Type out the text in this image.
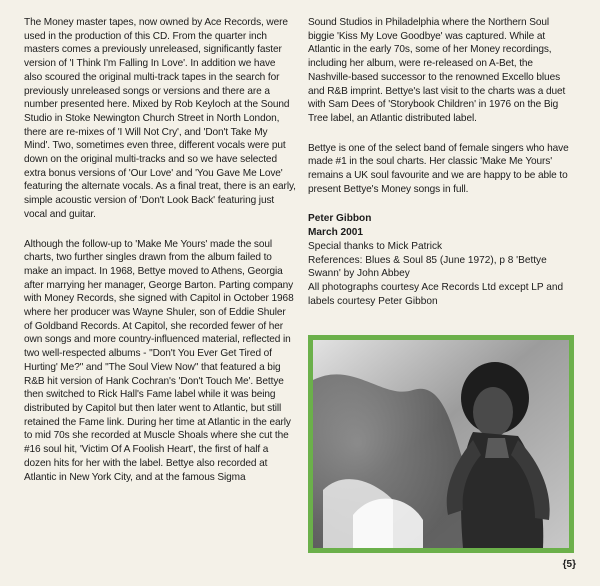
The Money master tapes, now owned by Ace Records, were used in the production of this CD. From the quarter inch masters comes a previously unreleased, significantly faster version of 'I Think I'm Falling In Love'. In addition we have also scoured the original multi-track tapes in the search for previously unreleased songs or versions and there are a number presented here. Mixed by Rob Keyloch at the Sound Studio in Stoke Newington Church Street in North London, there are re-mixes of 'I Will Not Cry', and 'Don't Take My Mind'. Two, sometimes even three, different vocals were put down on the original multi-tracks and so we have selected extra bonus versions of 'Our Love' and 'You Gave Me Love' featuring the alternate vocals. As a final treat, there is an early, simple acoustic version of 'Don't Look Back' featuring just vocal and guitar.

Although the follow-up to 'Make Me Yours' made the soul charts, two further singles drawn from the album failed to make an impact. In 1968, Bettye moved to Athens, Georgia after marrying her manager, George Barton. Parting company with Money Records, she signed with Capitol in October 1968 where her producer was Wayne Shuler, son of Eddie Shuler of Goldband Records. At Capitol, she recorded fewer of her own songs and more country-influenced material, reflected in two well-respected albums - "Don't You Ever Get Tired of Hurting' Me?" and "The Soul View Now" that featured a big R&B hit version of Hank Cochran's 'Don't Touch Me'. Bettye then switched to Rick Hall's Fame label while it was being distributed by Capitol but then later went to Atlantic, but still retained the Fame link. During her time at Atlantic in the early to mid 70s she recorded at Muscle Shoals where she cut the #16 soul hit, 'Victim Of A Foolish Heart', the first of half a dozen hits for her with the label. Bettye also recorded at Atlantic in New York City, and at the famous Sigma

Sound Studios in Philadelphia where the Northern Soul biggie 'Kiss My Love Goodbye' was captured. While at Atlantic in the early 70s, some of her Money recordings, including her album, were re-released on A-Bet, the Nashville-based successor to the renowned Excello blues and R&B imprint. Bettye's last visit to the charts was a duet with Sam Dees of 'Storybook Children' in 1976 on the Big Tree label, an Atlantic distributed label.

Bettye is one of the select band of female singers who have made #1 in the soul charts. Her classic 'Make Me Yours' remains a UK soul favourite and we are happy to be able to present Bettye's Money songs in full.

Peter Gibbon
March 2001
Special thanks to Mick Patrick
References: Blues & Soul 85 (June 1972), p 8 'Bettye Swann' by John Abbey
All photographs courtesy Ace Records Ltd except LP and labels courtesy Peter Gibbon
{5}
